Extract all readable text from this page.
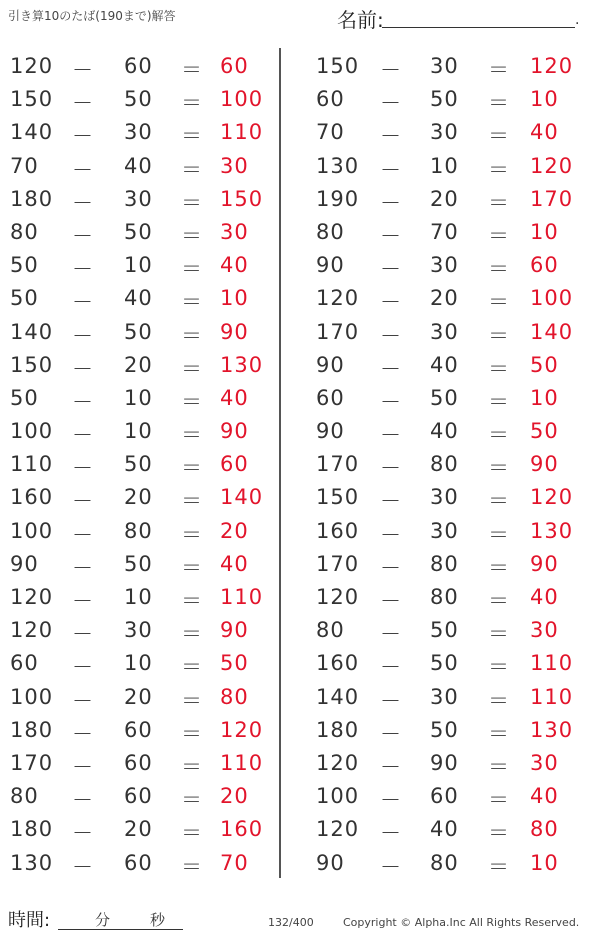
引き算10のたば(190まで)解答	名前:	.
120 － 60 ＝ 60
150 － 50 ＝ 100
140 － 30 ＝ 110
70 － 40 ＝ 30
180 － 30 ＝ 150
80 － 50 ＝ 30
50 － 10 ＝ 40
50 － 40 ＝ 10
140 － 50 ＝ 90
150 － 20 ＝ 130
50 － 10 ＝ 40
100 － 10 ＝ 90
110 － 50 ＝ 60
160 － 20 ＝ 140
100 － 80 ＝ 20
90 － 50 ＝ 40
120 － 10 ＝ 110
120 － 30 ＝ 90
60 － 10 ＝ 50
100 － 20 ＝ 80
180 － 60 ＝ 120
170 － 60 ＝ 110
80 － 60 ＝ 20
180 － 20 ＝ 160
130 － 60 ＝ 70
150 － 30 ＝ 120
60 － 50 ＝ 10
70 － 30 ＝ 40
130 － 10 ＝ 120
190 － 20 ＝ 170
80 － 70 ＝ 10
90 － 30 ＝ 60
120 － 20 ＝ 100
170 － 30 ＝ 140
90 － 40 ＝ 50
60 － 50 ＝ 10
90 － 40 ＝ 50
170 － 80 ＝ 90
150 － 30 ＝ 120
160 － 30 ＝ 130
170 － 80 ＝ 90
120 － 80 ＝ 40
80 － 50 ＝ 30
160 － 50 ＝ 110
140 － 30 ＝ 110
180 － 50 ＝ 130
120 － 90 ＝ 30
100 － 60 ＝ 40
120 － 40 ＝ 80
90 － 80 ＝ 10
時間:	分	秒	132/400	Copyright © Alpha.Inc All Rights Reserved.
